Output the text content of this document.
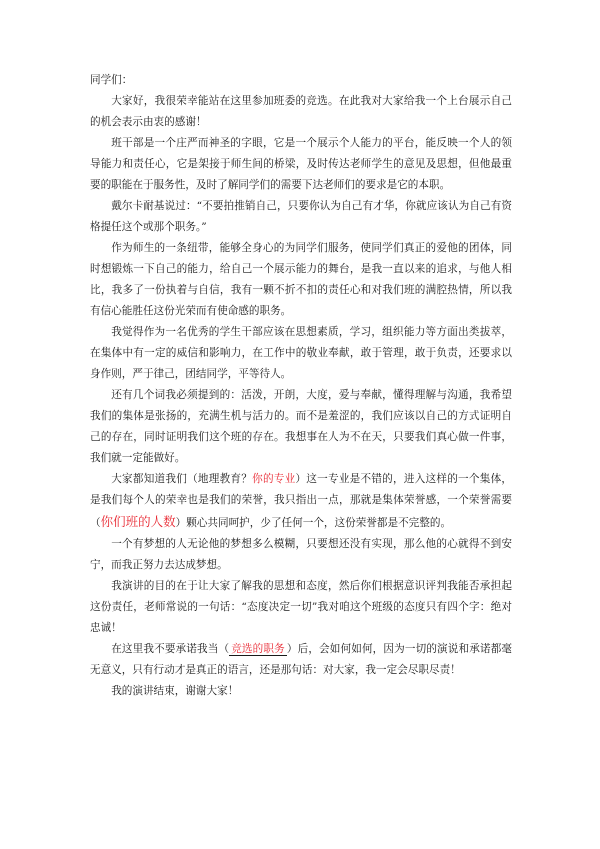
同学们：

大家好，我很荣幸能站在这里参加班委的竞选。在此我对大家给我一个上台展示自己的机会表示由衷的感谢！

班干部是一个庄严而神圣的字眼，它是一个展示个人能力的平台，能反映一个人的领导能力和责任心，它是架接于师生间的桥梁，及时传达老师学生的意见及思想，但他最重要的职能在于服务性，及时了解同学们的需要下达老师们的要求是它的本职。

戴尔卡耐基说过：“不要拍推销自己，只要你认为自己有才华，你就应该认为自己有资格提任这个或那个职务。”

作为师生的一条纽带，能够全身心的为同学们服务，使同学们真正的爱他的团体，同时想锻炼一下自己的能力，给自己一个展示能力的舞台，是我一直以来的追求，与他人相比，我多了一份执着与自信，我有一颗不折不扣的责任心和对我们班的满腔热情，所以我有信心能胜任这份光荣而有使命感的职务。

我觉得作为一名优秀的学生干部应该在思想素质，学习，组织能力等方面出类拔萃，在集体中有一定的威信和影响力，在工作中的敬业奉献，敢于管理，敢于负责，还要求以身作则，严于律己，团结同学，平等待人。

还有几个词我必须提到的：活泼，开朗，大度，爱与奉献，懂得理解与沟通，我希望我们的集体是张扬的，充满生机与活力的。而不是羞涩的，我们应该以自己的方式证明自己的存在，同时证明我们这个班的存在。我想事在人为不在天，只要我们真心做一件事，我们就一定能做好。

大家都知道我们（地理教育？你的专业）这一专业是不错的，进入这样的一个集体，是我们每个人的荣幸也是我们的荣誉，我只指出一点，那就是集体荣誉感，一个荣誉需要（你们班的人数）颗心共同呵护，少了任何一个，这份荣誉都是不完整的。

一个有梦想的人无论他的梦想多么模糊，只要想还没有实现，那么他的心就得不到安宁，而我正努力去达成梦想。

我演讲的目的在于让大家了解我的思想和态度，然后你们根据意识评判我能否承担起这份责任，老师常说的一句话：“态度决定一切”我对咱这个班级的态度只有四个字：绝对忠诚！

在这里我不要承诺我当（ 竞选的职务 ）后，会如何如何，因为一切的演说和承诺都毫无意义，只有行动才是真正的语言，还是那句话：对大家，我一定会尽职尽责！

我的演讲结束，谢谢大家！
